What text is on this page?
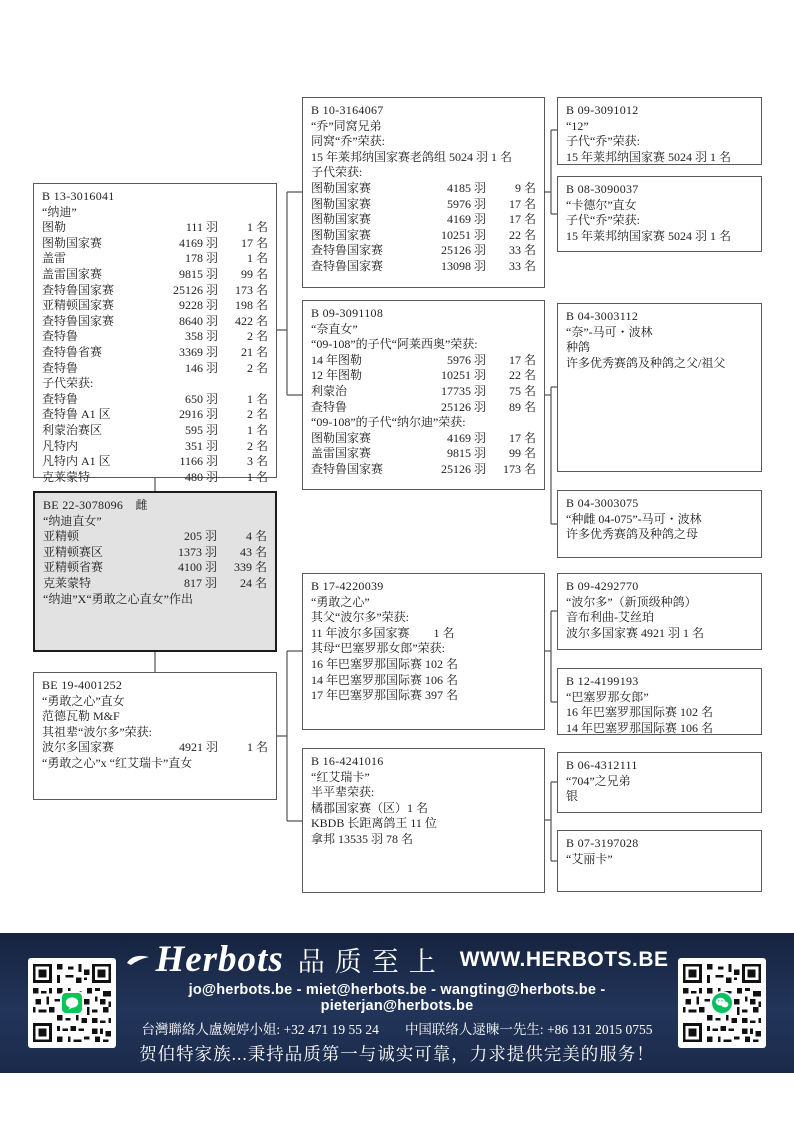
B 13-3016041
“纳迪”
图勒	111 羽	1 名
图勒国家赛	4169 羽	17 名
盖雷	178 羽	1 名
盖雷国家赛	9815 羽	99 名
查特鲁国家赛	25126 羽	173 名
亚精顿国家赛	9228 羽	198 名
查特鲁国家赛	8640 羽	422 名
查特鲁	358 羽	2 名
查特鲁省赛	3369 羽	21 名
查特鲁	146 羽	2 名
子代荣获:
查特鲁	650 羽	1 名
查特鲁 A1 区	2916 羽	2 名
利蒙治赛区	595 羽	1 名
凡特内	351 羽	2 名
凡特内 A1 区	1166 羽	3 名
克莱蒙特	480 羽	1 名
BE 22-3078096　雌
“纳迪直女”
亚精顿	205 羽	4 名
亚精顿赛区	1373 羽	43 名
亚精顿省赛	4100 羽	339 名
克莱蒙特	817 羽	24 名
“纳迪”X“勇敢之心直女”作出
BE 19-4001252
“勇敢之心”直女
范德瓦勒 M&F
其祖辈“波尔多”荣获:
波尔多国家赛	4921 羽	1 名
“勇敢之心”x “红艾瑞卡”直女
B 10-3164067
“乔”同窝兄弟
同窝“乔”荣获:
15 年莱邦纳国家赛老鸽组 5024 羽 1 名
子代荣获:
图勒国家赛	4185 羽	9 名
图勒国家赛	5976 羽	17 名
图勒国家赛	4169 羽	17 名
图勒国家赛	10251 羽	22 名
查特鲁国家赛	25126 羽	33 名
查特鲁国家赛	13098 羽	33 名
B 09-3091108
“奈直女”
“09-108”的子代“阿莱西奥”荣获:
14 年图勒	5976 羽	17 名
12 年图勒	10251 羽	22 名
利蒙治	17735 羽	75 名
查特鲁	25126 羽	89 名
“09-108”的子代“纳尔迪”荣获:
图勒国家赛	4169 羽	17 名
盖雷国家赛	9815 羽	99 名
查特鲁国家赛	25126 羽	173 名
B 17-4220039
“勇敢之心”
其父“波尔多”荣获:
11 年波尔多国家赛　　1 名
其母“巴塞罗那女郎”荣获:
16 年巴塞罗那国际赛 102 名
14 年巴塞罗那国际赛 106 名
17 年巴塞罗那国际赛 397 名
B 16-4241016
“红艾瑞卡”
半平辈荣获:
橘郡国家赛（区）1 名
KBDB 长距离鸽王 11 位
拿邦 13535 羽 78 名
B 09-3091012
“12”
子代“乔”荣获:
15 年莱邦纳国家赛 5024 羽 1 名
B 08-3090037
“卡德尔”直女
子代“乔”荣获:
15 年莱邦纳国家赛 5024 羽 1 名
B 04-3003112
“奈”-马可・波林
种鸽
许多优秀赛鸽及种鸽之父/祖父
B 04-3003075
“种雌 04-075”-马可・波林
许多优秀赛鸽及种鸽之母
B 09-4292770
“波尔多”（新顶级种鸽）
音布利曲-艾丝珀
波尔多国家赛 4921 羽 1 名
B 12-4199193
“巴塞罗那女郎”
16 年巴塞罗那国际赛 102 名
14 年巴塞罗那国际赛 106 名
B 06-4312111
“704”之兄弟
银
B 07-3197028
“艾丽卡”
Herbots 品质至上 WWW.HERBOTS.BE
jo@herbots.be - miet@herbots.be - wangting@herbots.be - pieterjan@herbots.be
台灣聯絡人盧婉婷小姐: +32 471 19 55 24 中国联络人逯暕一先生: +86 131 2015 0755
贺伯特家族...秉持品质第一与诚实可靠，力求提供完美的服务！
